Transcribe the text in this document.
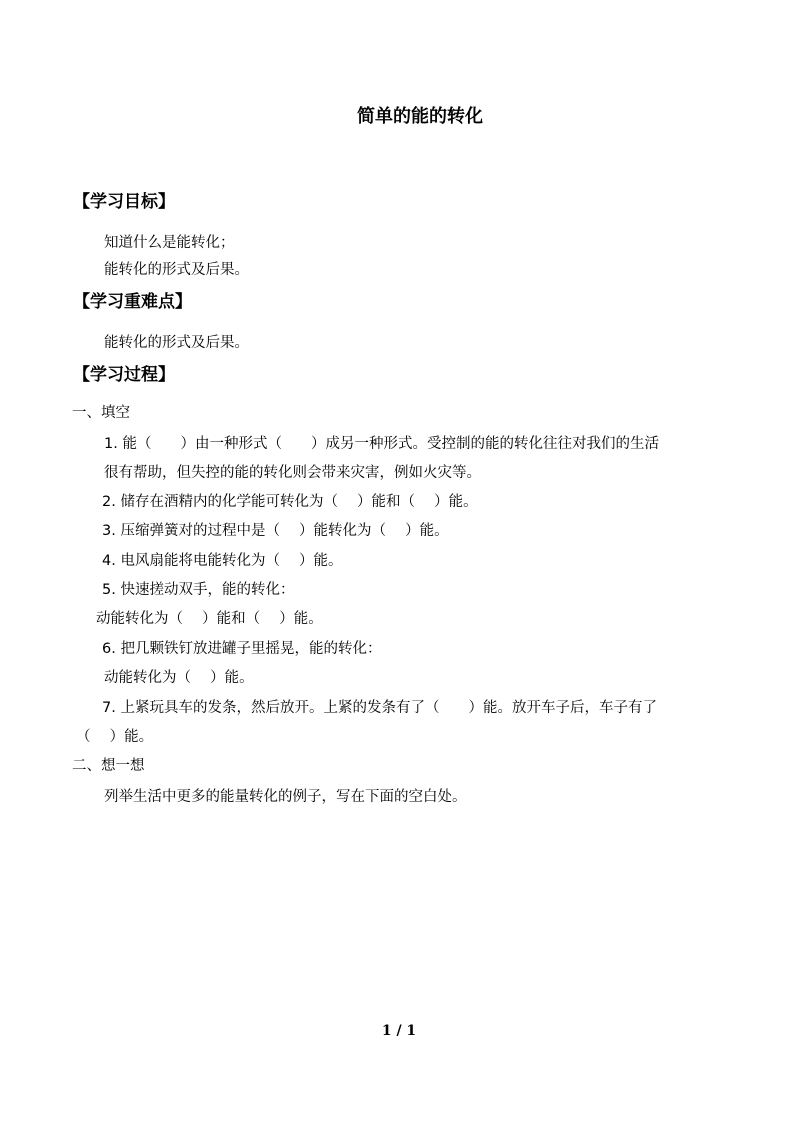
简单的能的转化
【学习目标】
知道什么是能转化；
能转化的形式及后果。
【学习重难点】
能转化的形式及后果。
【学习过程】
一、填空
1. 能（　　）由一种形式（　　）成另一种形式。受控制的能的转化往往对我们的生活
很有帮助，但失控的能的转化则会带来灾害，例如火灾等。
2. 储存在酒精内的化学能可转化为（　 ）能和（　 ）能。
3. 压缩弹簧对的过程中是（　 ）能转化为（　 ）能。
4. 电风扇能将电能转化为（　 ）能。
5. 快速搓动双手，能的转化：
动能转化为（　 ）能和（　 ）能。
6. 把几颗铁钉放进罐子里摇晃，能的转化：
动能转化为（　 ）能。
7. 上紧玩具车的发条，然后放开。上紧的发条有了（　　）能。放开车子后，车子有了
（　 ）能。
二、想一想
列举生活中更多的能量转化的例子，写在下面的空白处。
1 / 1
